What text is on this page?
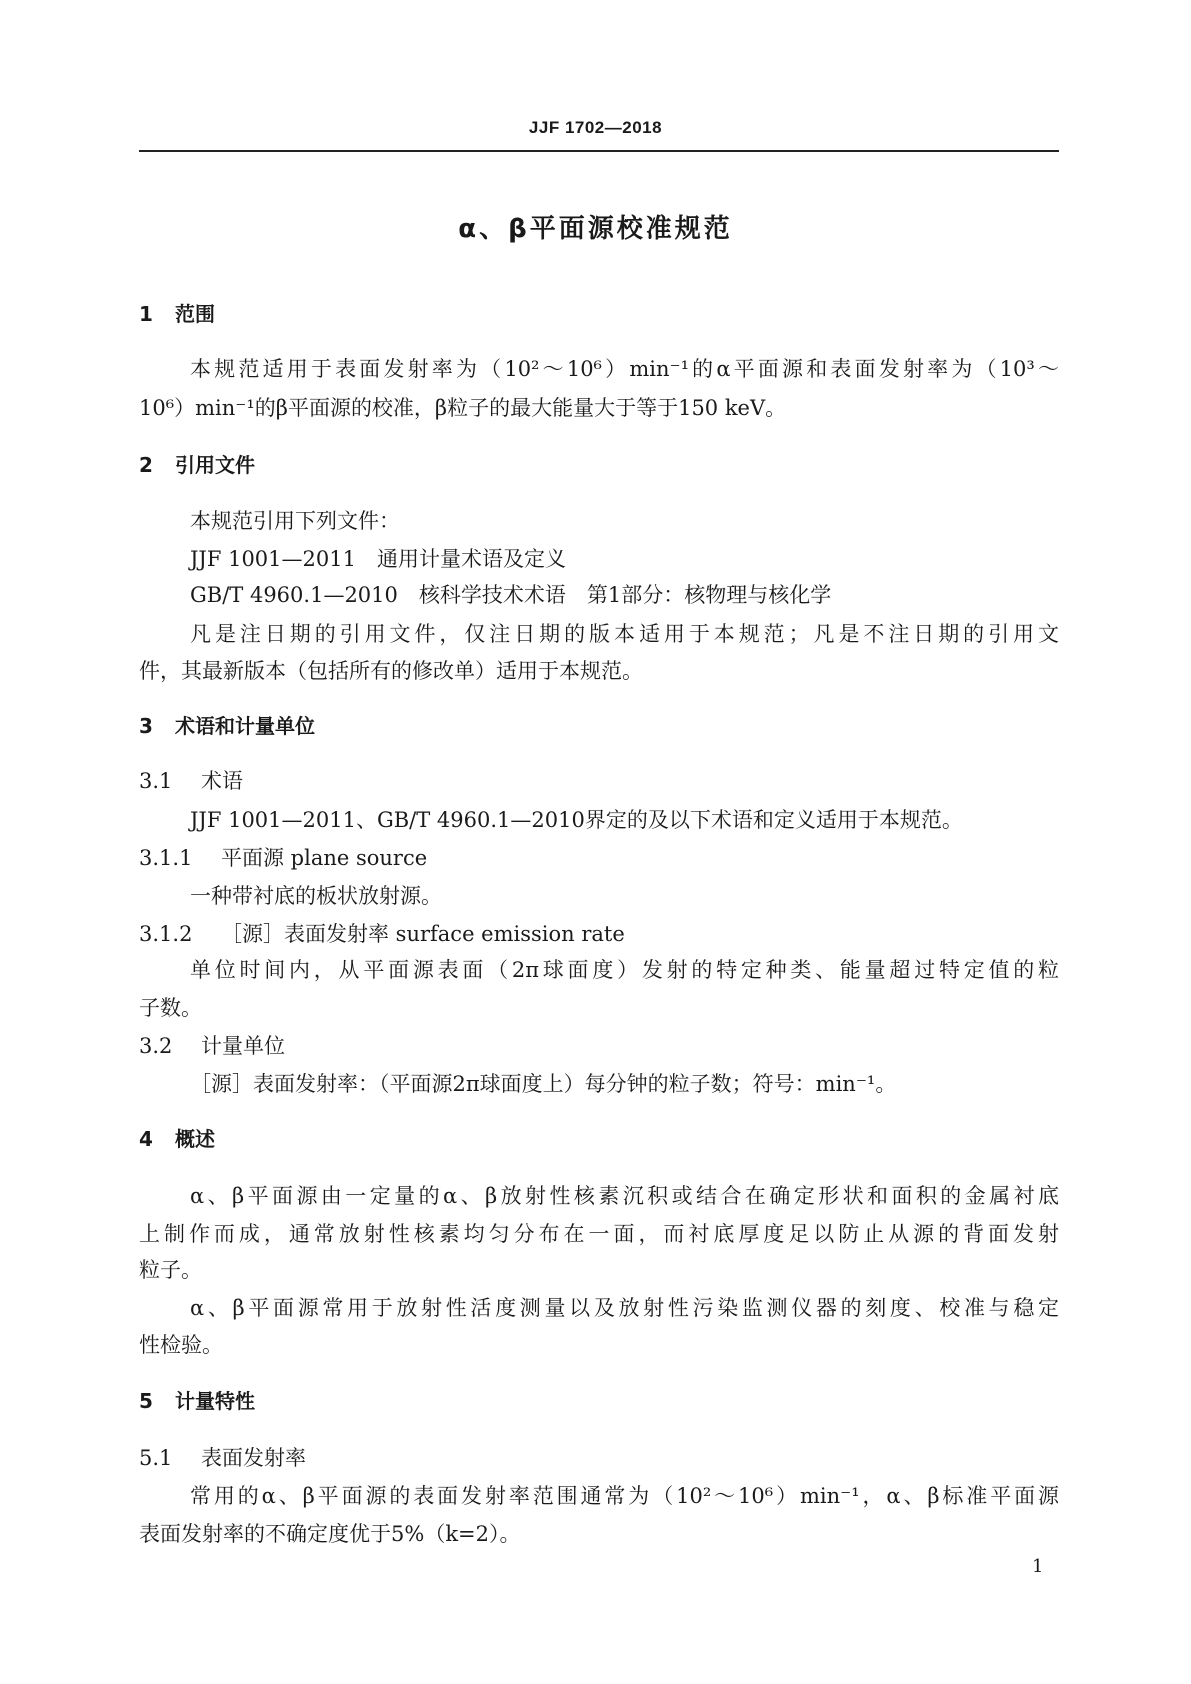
JJF 1702—2018
α、β平面源校准规范
1 范围
本规范适用于表面发射率为（10²～10⁶）min⁻¹的α平面源和表面发射率为（10³～
10⁶）min⁻¹的β平面源的校准，β粒子的最大能量大于等于150 keV。
2 引用文件
本规范引用下列文件：
JJF 1001—2011　通用计量术语及定义
GB/T 4960.1—2010　核科学技术术语　第1部分：核物理与核化学
凡是注日期的引用文件，仅注日期的版本适用于本规范；凡是不注日期的引用文
件，其最新版本（包括所有的修改单）适用于本规范。
3 术语和计量单位
3.1 术语
JJF 1001—2011、GB/T 4960.1—2010界定的及以下术语和定义适用于本规范。
3.1.1 平面源 plane source
一种带衬底的板状放射源。
3.1.2 ［源］表面发射率 surface emission rate
单位时间内，从平面源表面（2π球面度）发射的特定种类、能量超过特定值的粒
子数。
3.2 计量单位
［源］表面发射率：（平面源2π球面度上）每分钟的粒子数；符号：min⁻¹。
4 概述
α、β平面源由一定量的α、β放射性核素沉积或结合在确定形状和面积的金属衬底
上制作而成，通常放射性核素均匀分布在一面，而衬底厚度足以防止从源的背面发射
粒子。
α、β平面源常用于放射性活度测量以及放射性污染监测仪器的刻度、校准与稳定
性检验。
5 计量特性
5.1 表面发射率
常用的α、β平面源的表面发射率范围通常为（10²～10⁶）min⁻¹，α、β标准平面源
表面发射率的不确定度优于5%（k=2）。
1
